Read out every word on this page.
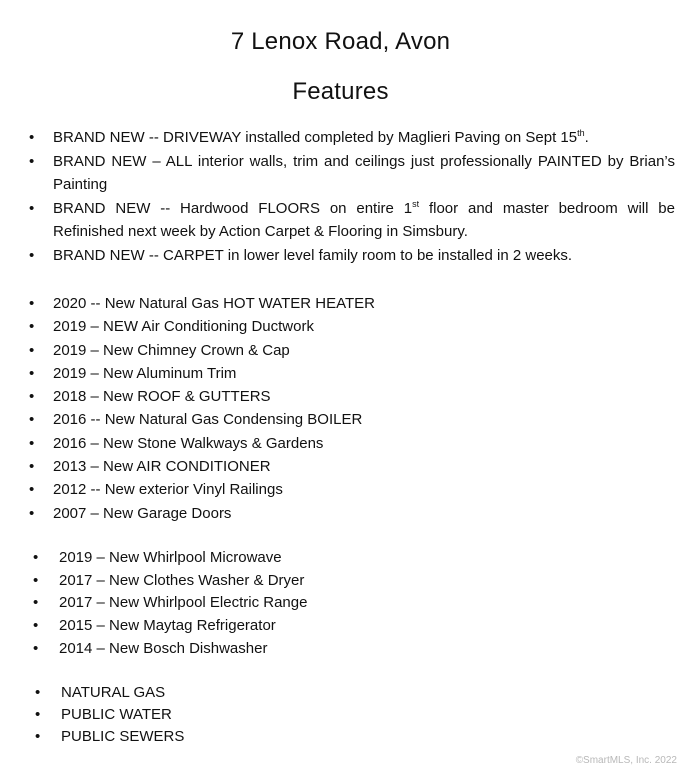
7 Lenox Road, Avon
Features
• BRAND NEW -- DRIVEWAY installed completed by Maglieri Paving on Sept 15th.
• BRAND NEW – ALL interior walls, trim and ceilings just professionally PAINTED by Brian’s Painting
• BRAND NEW -- Hardwood FLOORS on entire 1st floor and master bedroom will be Refinished next week by Action Carpet & Flooring in Simsbury.
• BRAND NEW -- CARPET in lower level family room to be installed in 2 weeks.
• 2020 -- New Natural Gas HOT WATER HEATER
• 2019 – NEW Air Conditioning Ductwork
• 2019 – New Chimney Crown & Cap
• 2019 – New Aluminum Trim
• 2018 – New ROOF & GUTTERS
• 2016 -- New Natural Gas Condensing BOILER
• 2016 – New Stone Walkways & Gardens
• 2013 – New AIR CONDITIONER
• 2012 -- New exterior Vinyl Railings
• 2007 – New Garage Doors
• 2019 – New Whirlpool Microwave
• 2017 – New Clothes Washer & Dryer
• 2017 – New Whirlpool Electric Range
• 2015 – New Maytag Refrigerator
• 2014 – New Bosch Dishwasher
• NATURAL GAS
• PUBLIC WATER
• PUBLIC SEWERS
©SmartMLS, Inc. 2022
